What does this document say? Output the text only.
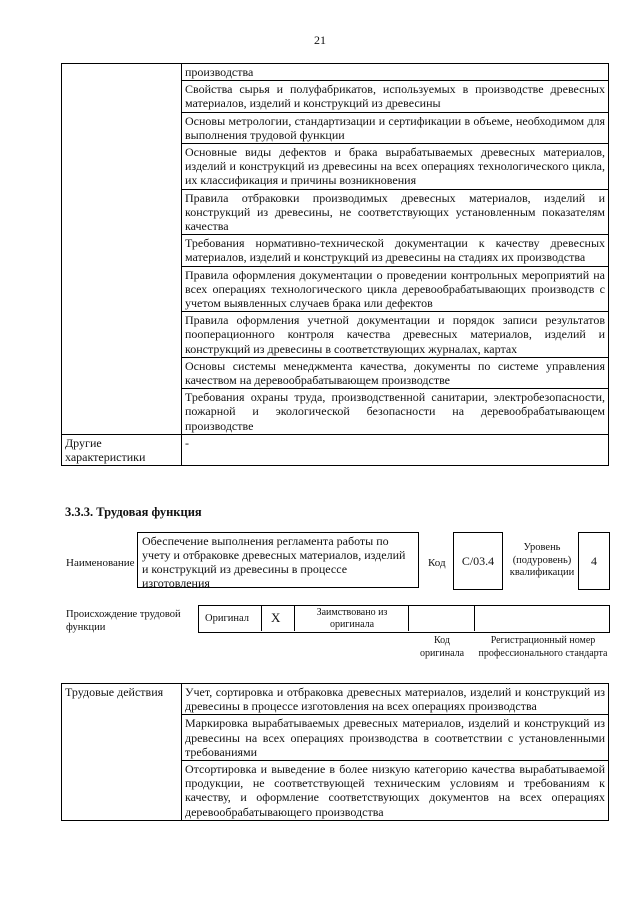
21
	производства
	Свойства сырья и полуфабрикатов, используемых в производстве древесных материалов, изделий и конструкций из древесины
	Основы метрологии, стандартизации и сертификации в объеме, необходимом для выполнения трудовой функции
	Основные виды дефектов и брака вырабатываемых древесных материалов, изделий и конструкций из древесины на всех операциях технологического цикла, их классификация и причины возникновения
	Правила отбраковки производимых древесных материалов, изделий и конструкций из древесины, не соответствующих установленным показателям качества
	Требования нормативно-технической документации к качеству древесных материалов, изделий и конструкций из древесины на стадиях их производства
	Правила оформления документации о проведении контрольных мероприятий на всех операциях технологического цикла деревообрабатывающих производств с учетом выявленных случаев брака или дефектов
	Правила оформления учетной документации и порядок записи результатов пооперационного контроля качества древесных материалов, изделий и конструкций из древесины в соответствующих журналах, картах
	Основы системы менеджмента качества, документы по системе управления качеством на деревообрабатывающем производстве
	Требования охраны труда, производственной санитарии, электробезопасности, пожарной и экологической безопасности на деревообрабатывающем производстве
Другие характеристики	-
3.3.3. Трудовая функция
Наименование
Обеспечение выполнения регламента работы по учету и отбраковке древесных материалов, изделий и конструкций из древесины в процессе изготовления
Код	С/03.4
Уровень (подуровень) квалификации
4
Происхождение трудовой функции
Оригинал X	Заимствовано из оригинала
Код оригинала
Регистрационный номер профессионального стандарта
Трудовые действия	Учет, сортировка и отбраковка древесных материалов, изделий и конструкций из древесины в процессе изготовления на всех операциях производства
Маркировка вырабатываемых древесных материалов, изделий и конструкций из древесины на всех операциях производства в соответствии с установленными требованиями
Отсортировка и выведение в более низкую категорию качества вырабатываемой продукции, не соответствующей техническим условиям и требованиям к качеству, и оформление соответствующих документов на всех операциях деревообрабатывающего производства
